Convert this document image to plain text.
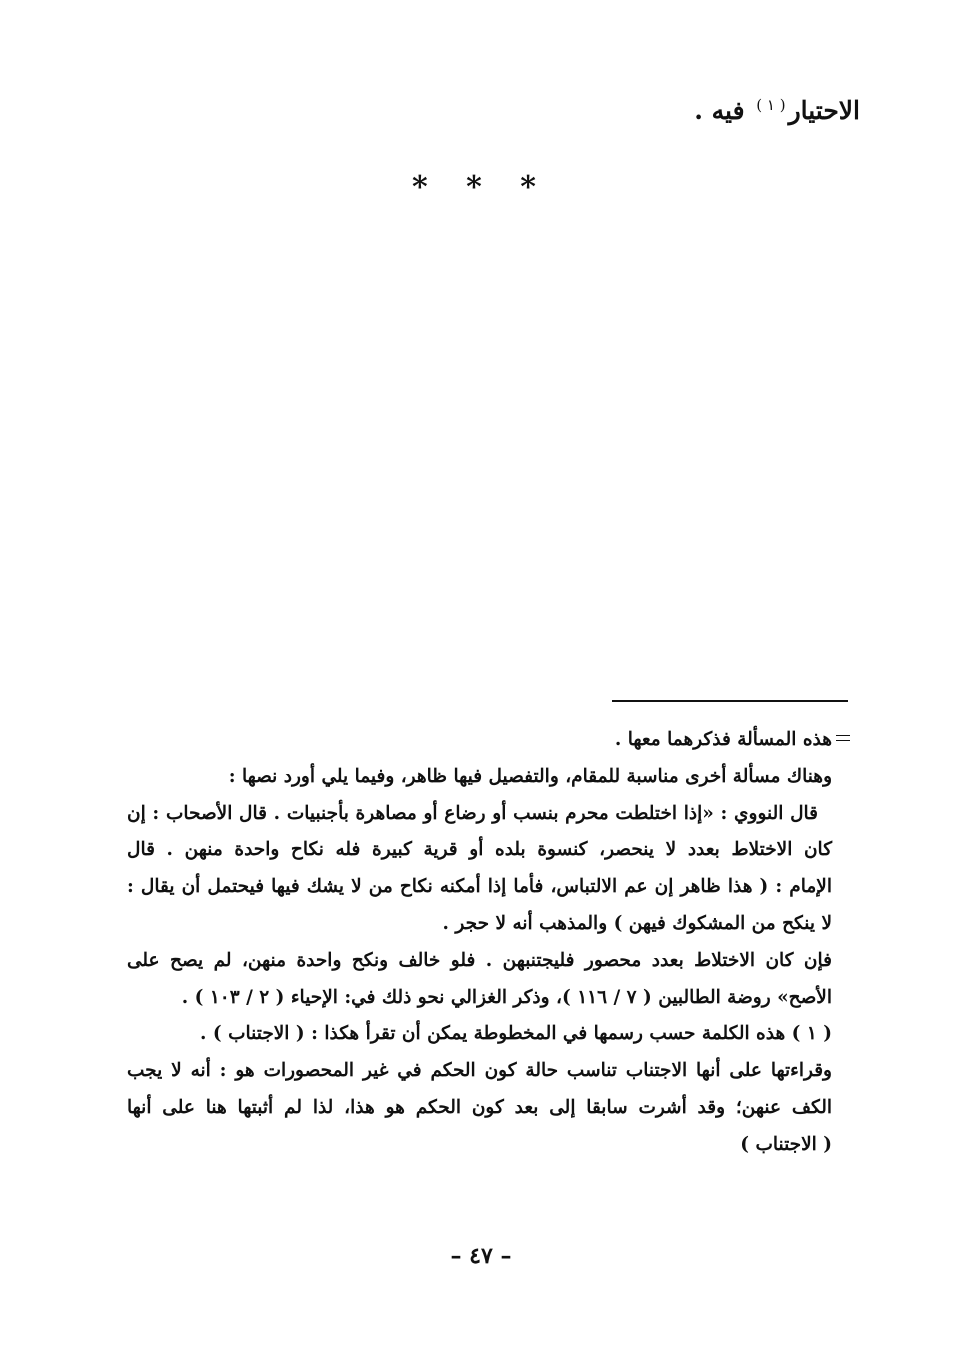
الاحتيار$^{( ١ )}$ فيه .
* * *

هذه المسألة فذكرهما معها .

وهناك مسألة أخرى مناسبة للمقام، والتفصيل فيها ظاهر، وفيما يلي أورد نصها :

قال النووي : «إذا اختلطت محرم بنسب أو رضاع أو مصاهرة بأجنبيات . قال الأصحاب : إن

كان الاختلاط بعدد لا ينحصر، كنسوة بلده أو قرية كبيرة فله نكاح واحدة منهن . قال

الإمام : ( هذا ظاهر إن عم الالتباس، فأما إذا أمكنه نكاح من لا يشك فيها فيحتمل أن يقال :

لا ينكح من المشكوك فيهن ) والمذهب أنه لا حجر .

فإن كان الاختلاط بعدد محصور فليجتنبهن . فلو خالف ونكح واحدة منهن، لم يصح على

الأصح» روضة الطالبين ( ٧ / ١١٦ )، وذكر الغزالي نحو ذلك في: الإحياء ( ٢ / ١٠٣ ) .

( ١ ) هذه الكلمة حسب رسمها في المخطوطة يمكن أن تقرأ هكذا : ( الاجتناب ) .

وقراءتها على أنها الاجتناب تناسب حالة كون الحكم في غير المحصورات هو : أنه لا يجب

الكف عنهن؛ وقد أشرت سابقا إلى بعد كون الحكم هو هذا، لذا لم أثبتها هنا على أنها

( الاجتناب )

– ٤٧ –
